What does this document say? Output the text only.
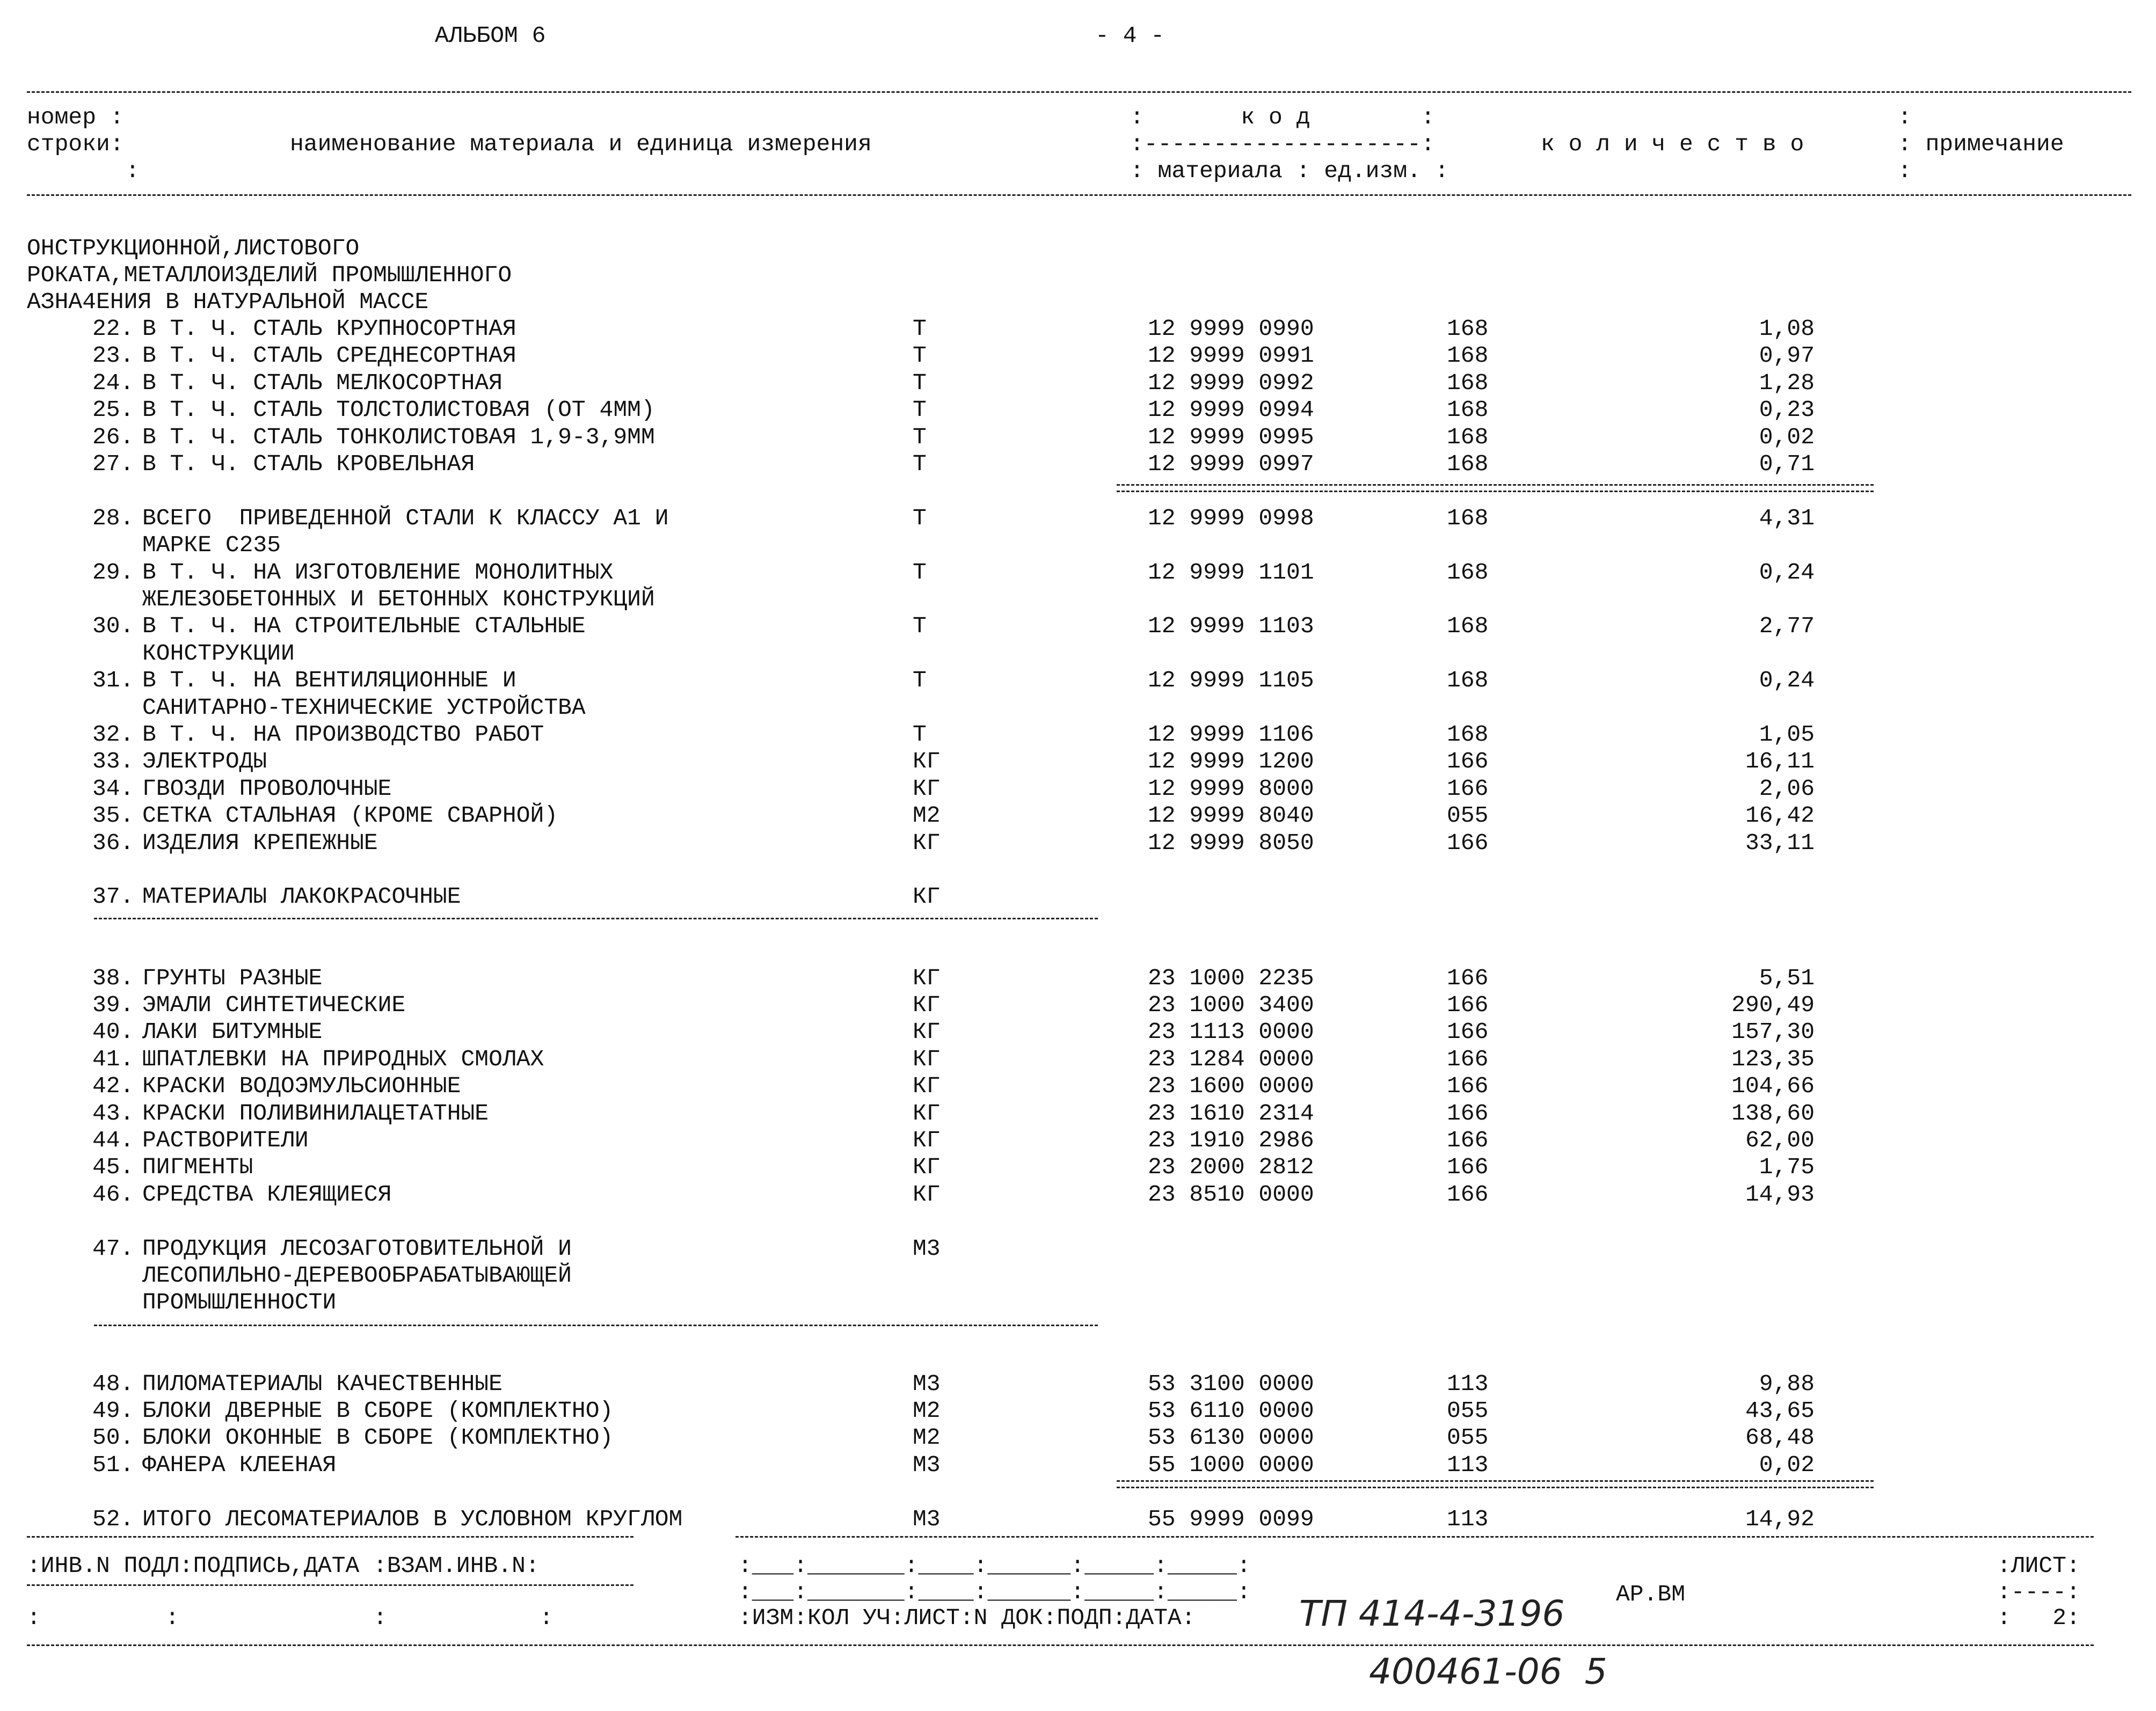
АЛЬБОМ 6	- 4 -
номер :
строки:
:
наименование материала и единица измерения
:       к о д        :
:--------------------:
: материала : ед.изм. :
к о л и ч е с т в о
:
: примечание
:
ОНСТРУКЦИОННОЙ,ЛИСТОВОГО
РОКАТА,МЕТАЛЛОИЗДЕЛИЙ ПРОМЫШЛЕННОГО
АЗНА4ЕНИЯ В НАТУРАЛЬНОЙ МАССЕ
22. В Т. Ч. СТАЛЬ КРУПНОСОРТНАЯ	Т	12 9999 0990	168	1,08
23. В Т. Ч. СТАЛЬ СРЕДНЕСОРТНАЯ	Т	12 9999 0991	168	0,97
24. В Т. Ч. СТАЛЬ МЕЛКОСОРТНАЯ	Т	12 9999 0992	168	1,28
25. В Т. Ч. СТАЛЬ ТОЛСТОЛИСТОВАЯ (ОТ 4ММ)	Т	12 9999 0994	168	0,23
26. В Т. Ч. СТАЛЬ ТОНКОЛИСТОВАЯ 1,9-3,9ММ	Т	12 9999 0995	168	0,02
27. В Т. Ч. СТАЛЬ КРОВЕЛЬНАЯ	Т	12 9999 0997	168	0,71
28. ВСЕГО  ПРИВЕДЕННОЙ СТАЛИ К КЛАССУ А1 И
МАРКЕ С235
Т	12 9999 0998	168	4,31
29. В Т. Ч. НА ИЗГОТОВЛЕНИЕ МОНОЛИТНЫХ
ЖЕЛЕЗОБЕТОННЫХ И БЕТОННЫХ КОНСТРУКЦИЙ
Т	12 9999 1101	168	0,24
30. В Т. Ч. НА СТРОИТЕЛЬНЫЕ СТАЛЬНЫЕ
КОНСТРУКЦИИ
Т	12 9999 1103	168	2,77
31. В Т. Ч. НА ВЕНТИЛЯЦИОННЫЕ И
САНИТАРНО-ТЕХНИЧЕСКИЕ УСТРОЙСТВА
Т	12 9999 1105	168	0,24
32. В Т. Ч. НА ПРОИЗВОДСТВО РАБОТ	Т	12 9999 1106	168	1,05
33. ЭЛЕКТРОДЫ	КГ	12 9999 1200	166	16,11
34. ГВОЗДИ ПРОВОЛОЧНЫЕ	КГ	12 9999 8000	166	2,06
35. СЕТКА СТАЛЬНАЯ (КРОМЕ СВАРНОЙ)	М2	12 9999 8040	055	16,42
36. ИЗДЕЛИЯ КРЕПЕЖНЫЕ	КГ	12 9999 8050	166	33,11
37. МАТЕРИАЛЫ ЛАКОКРАСОЧНЫЕ	КГ
38. ГРУНТЫ РАЗНЫЕ	КГ	23 1000 2235	166	5,51
39. ЭМАЛИ СИНТЕТИЧЕСКИЕ	КГ	23 1000 3400	166	290,49
40. ЛАКИ БИТУМНЫЕ	КГ	23 1113 0000	166	157,30
41. ШПАТЛЕВКИ НА ПРИРОДНЫХ СМОЛАХ	КГ	23 1284 0000	166	123,35
42. КРАСКИ ВОДОЭМУЛЬСИОННЫЕ	КГ	23 1600 0000	166	104,66
43. КРАСКИ ПОЛИВИНИЛАЦЕТАТНЫЕ	КГ	23 1610 2314	166	138,60
44. РАСТВОРИТЕЛИ	КГ	23 1910 2986	166	62,00
45. ПИГМЕНТЫ	КГ	23 2000 2812	166	1,75
46. СРЕДСТВА КЛЕЯЩИЕСЯ	КГ	23 8510 0000	166	14,93
47. ПРОДУКЦИЯ ЛЕСОЗАГОТОВИТЕЛЬНОЙ И
ЛЕСОПИЛЬНО-ДЕРЕВООБРАБАТЫВАЮЩЕЙ
ПРОМЫШЛЕННОСТИ
М3
48. ПИЛОМАТЕРИАЛЫ КАЧЕСТВЕННЫЕ	М3	53 3100 0000	113	9,88
49. БЛОКИ ДВЕРНЫЕ В СБОРЕ (КОМПЛЕКТНО)	М2	53 6110 0000	055	43,65
50. БЛОКИ ОКОННЫЕ В СБОРЕ (КОМПЛЕКТНО)	М2	53 6130 0000	055	68,48
51. ФАНЕРА КЛЕЕНАЯ	М3	55 1000 0000	113	0,02
52. ИТОГО ЛЕСОМАТЕРИАЛОВ В УСЛОВНОМ КРУГЛОМ	М3	55 9999 0099	113	14,92
:ИНВ.N ПОДЛ:ПОДПИСЬ,ДАТА :ВЗАМ.ИНВ.N:
:         :              :           :
:___:_______:____:______:_____:_____:
:___:_______:____:______:_____:_____:
:ИЗМ:КОЛ УЧ:ЛИСТ:N ДОК:ПОДП:ДАТА:	ТП 414-4-3196 АР.ВМ
:ЛИСТ:
:----:
:   2:
400461-06  5
